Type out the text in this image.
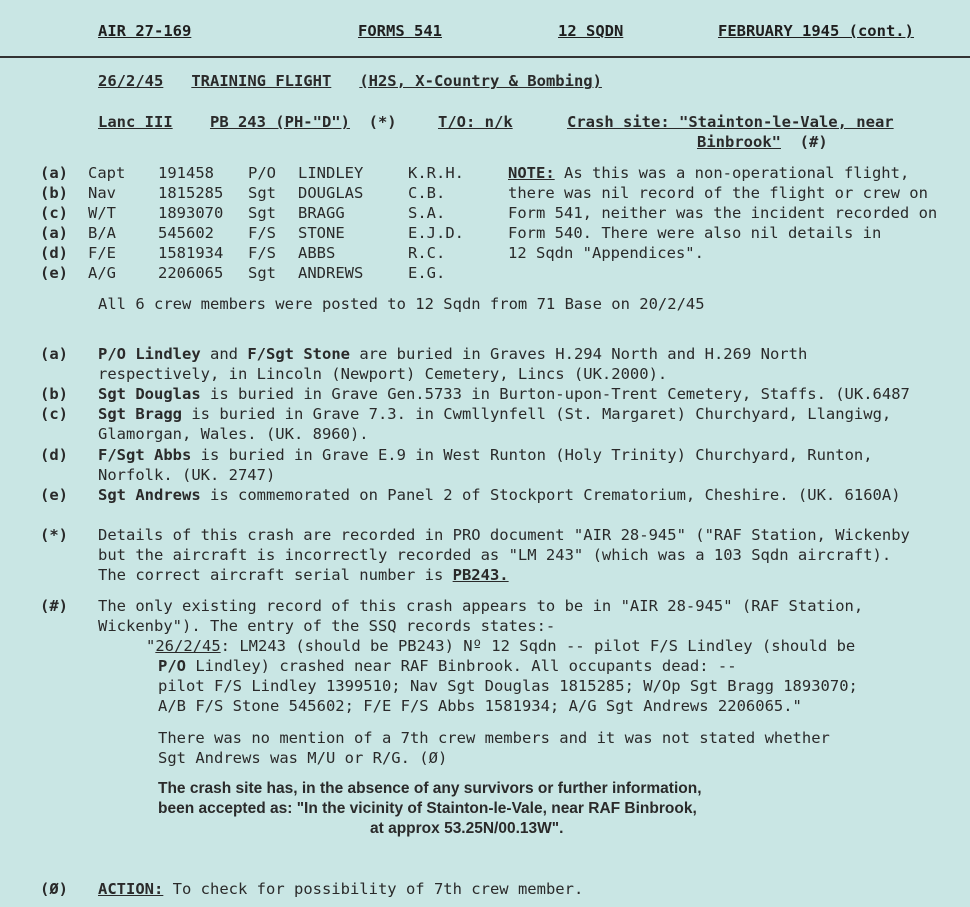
AIR 27-169	FORMS 541	12 SQDN	FEBRUARY 1945 (cont.)
26/2/45 TRAINING FLIGHT (H2S, X-Country & Bombing)
Lanc III PB 243 (PH-"D") (*)	T/O: n/k	Crash site: "Stainton-le-Vale, near
Binbrook" (#)
(a) Capt 191458 P/O LINDLEY	K.R.H.
(b) Nav	1815285 Sgt DOUGLAS	C.B.
(c) W/T	1893070 Sgt BRAGG	S.A.
(a) B/A	545602 F/S STONE	E.J.D.
(d) F/E	1581934 F/S ABBS	R.C.
(e) A/G	2206065 Sgt ANDREWS	E.G.
NOTE: As this was a non-operational flight,
there was nil record of the flight or crew on
Form 541, neither was the incident recorded on
Form 540. There were also nil details in
12 Sqdn "Appendices".
All 6 crew members were posted to 12 Sqdn from 71 Base on 20/2/45
(a) P/O Lindley and F/Sgt Stone are buried in Graves H.294 North and H.269 North
respectively, in Lincoln (Newport) Cemetery, Lincs (UK.2000).
(b) Sgt Douglas is buried in Grave Gen.5733 in Burton-upon-Trent Cemetery, Staffs. (UK.6487
(c) Sgt Bragg is buried in Grave 7.3. in Cwmllynfell (St. Margaret) Churchyard, Llangiwg,
Glamorgan, Wales. (UK. 8960).
(d) F/Sgt Abbs is buried in Grave E.9 in West Runton (Holy Trinity) Churchyard, Runton,
Norfolk. (UK. 2747)
(e) Sgt Andrews is commemorated on Panel 2 of Stockport Crematorium, Cheshire. (UK. 6160A)
(*) Details of this crash are recorded in PRO document "AIR 28-945" ("RAF Station, Wickenby
but the aircraft is incorrectly recorded as "LM 243" (which was a 103 Sqdn aircraft).
The correct aircraft serial number is PB243.
(#) The only existing record of this crash appears to be in "AIR 28-945" (RAF Station,
Wickenby"). The entry of the SSQ records states:-
"26/2/45: LM243 (should be PB243) Nº 12 Sqdn -- pilot F/S Lindley (should be
P/O Lindley) crashed near RAF Binbrook. All occupants dead: --
pilot F/S Lindley 1399510; Nav Sgt Douglas 1815285; W/Op Sgt Bragg 1893070;
A/B F/S Stone 545602; F/E F/S Abbs 1581934; A/G Sgt Andrews 2206065."
There was no mention of a 7th crew members and it was not stated whether
Sgt Andrews was M/U or R/G. (Ø)
The crash site has, in the absence of any survivors or further information,
been accepted as: "In the vicinity of Stainton-le-Vale, near RAF Binbrook,
at approx 53.25N/00.13W".
(Ø) ACTION: To check for possibility of 7th crew member.
